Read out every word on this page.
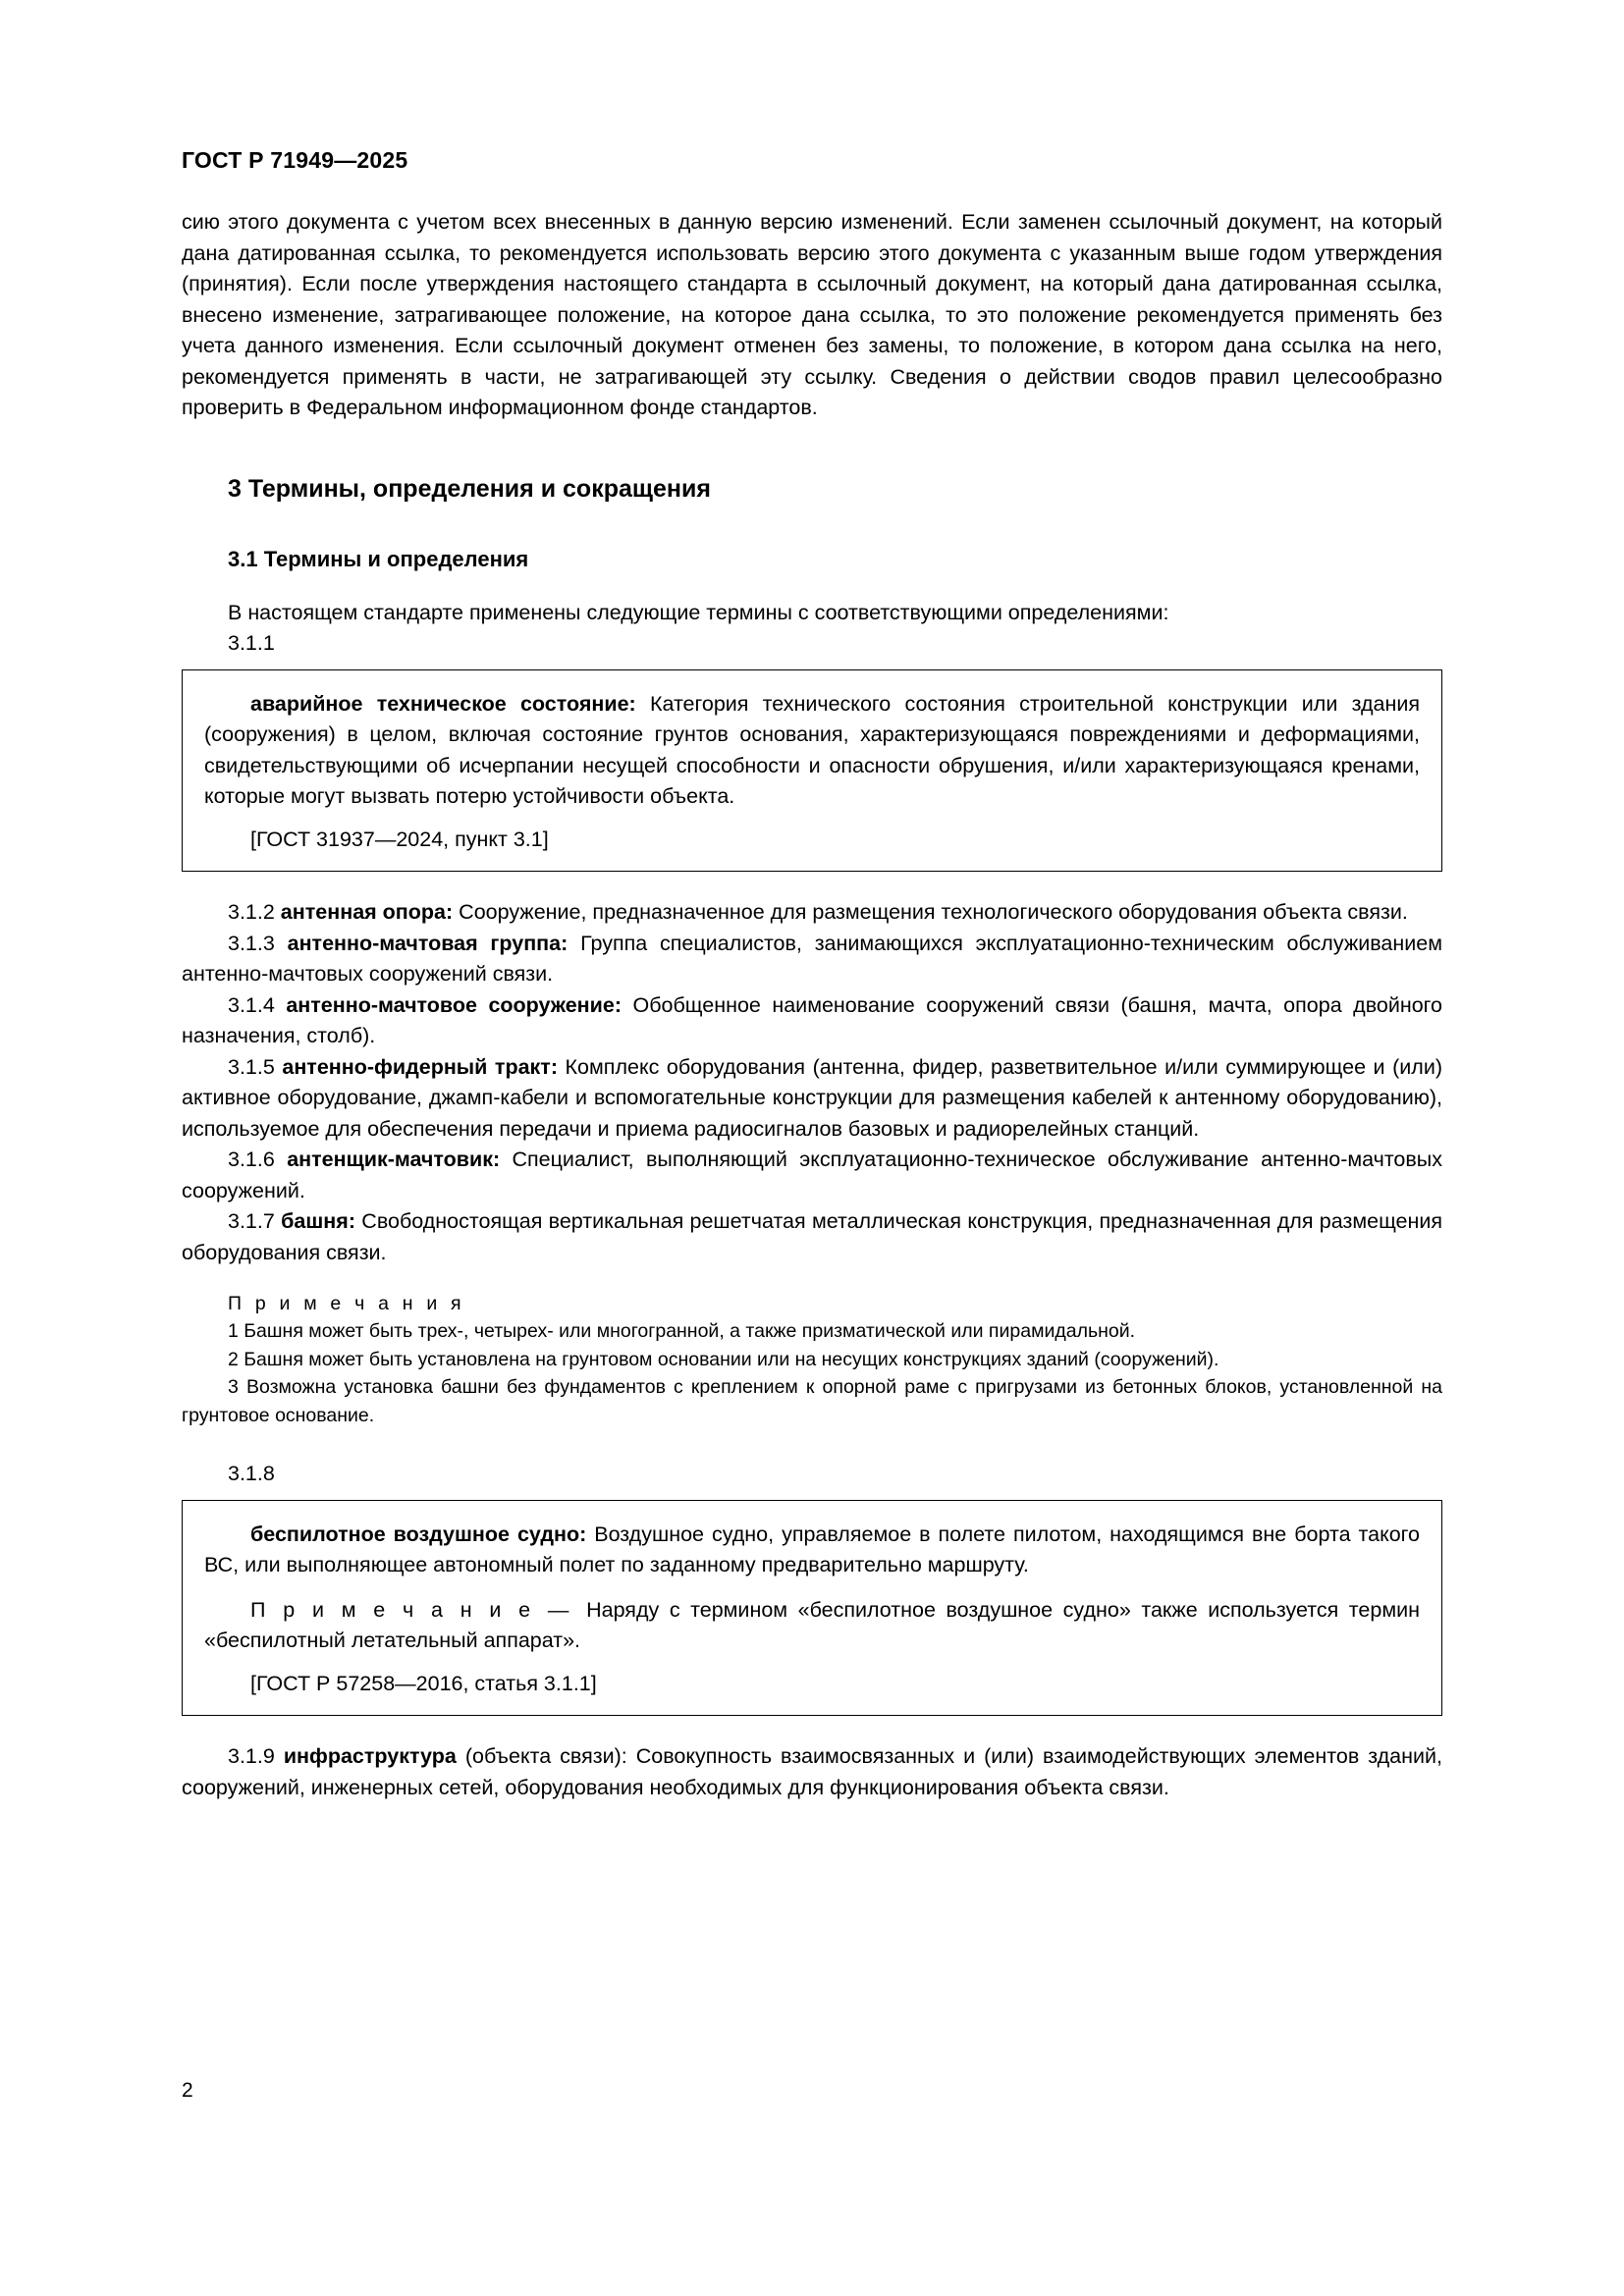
ГОСТ Р 71949—2025

сию этого документа с учетом всех внесенных в данную версию изменений. Если заменен ссылочный документ, на который дана датированная ссылка, то рекомендуется использовать версию этого документа с указанным выше годом утверждения (принятия). Если после утверждения настоящего стандарта в ссылочный документ, на который дана датированная ссылка, внесено изменение, затрагивающее положение, на которое дана ссылка, то это положение рекомендуется применять без учета данного изменения. Если ссылочный документ отменен без замены, то положение, в котором дана ссылка на него, рекомендуется применять в части, не затрагивающей эту ссылку. Сведения о действии сводов правил целесообразно проверить в Федеральном информационном фонде стандартов.

3 Термины, определения и сокращения
3.1 Термины и определения

В настоящем стандарте применены следующие термины с соответствующими определениями:

3.1.1

аварийное техническое состояние: Категория технического состояния строительной конструкции или здания (сооружения) в целом, включая состояние грунтов основания, характеризующаяся повреждениями и деформациями, свидетельствующими об исчерпании несущей способности и опасности обрушения, и/или характеризующаяся кренами, которые могут вызвать потерю устойчивости объекта.

[ГОСТ 31937—2024, пункт 3.1]

3.1.2 антенная опора: Сооружение, предназначенное для размещения технологического оборудования объекта связи.

3.1.3 антенно-мачтовая группа: Группа специалистов, занимающихся эксплуатационно-техническим обслуживанием антенно-мачтовых сооружений связи.

3.1.4 антенно-мачтовое сооружение: Обобщенное наименование сооружений связи (башня, мачта, опора двойного назначения, столб).

3.1.5 антенно-фидерный тракт: Комплекс оборудования (антенна, фидер, разветвительное и/или суммирующее и (или) активное оборудование, джамп-кабели и вспомогательные конструкции для размещения кабелей к антенному оборудованию), используемое для обеспечения передачи и приема радиосигналов базовых и радиорелейных станций.

3.1.6 антенщик-мачтовик: Специалист, выполняющий эксплуатационно-техническое обслуживание антенно-мачтовых сооружений.

3.1.7 башня: Свободностоящая вертикальная решетчатая металлическая конструкция, предназначенная для размещения оборудования связи.

П р и м е ч а н и я

1 Башня может быть трех-, четырех- или многогранной, а также призматической или пирамидальной.

2 Башня может быть установлена на грунтовом основании или на несущих конструкциях зданий (сооружений).

3 Возможна установка башни без фундаментов с креплением к опорной раме с пригрузами из бетонных блоков, установленной на грунтовое основание.

3.1.8

беспилотное воздушное судно: Воздушное судно, управляемое в полете пилотом, находящимся вне борта такого ВС, или выполняющее автономный полет по заданному предварительно маршруту.

П р и м е ч а н и е — Наряду с термином «беспилотное воздушное судно» также используется термин «беспилотный летательный аппарат».

[ГОСТ Р 57258—2016, статья 3.1.1]

3.1.9 инфраструктура (объекта связи): Совокупность взаимосвязанных и (или) взаимодействующих элементов зданий, сооружений, инженерных сетей, оборудования необходимых для функционирования объекта связи.

2
